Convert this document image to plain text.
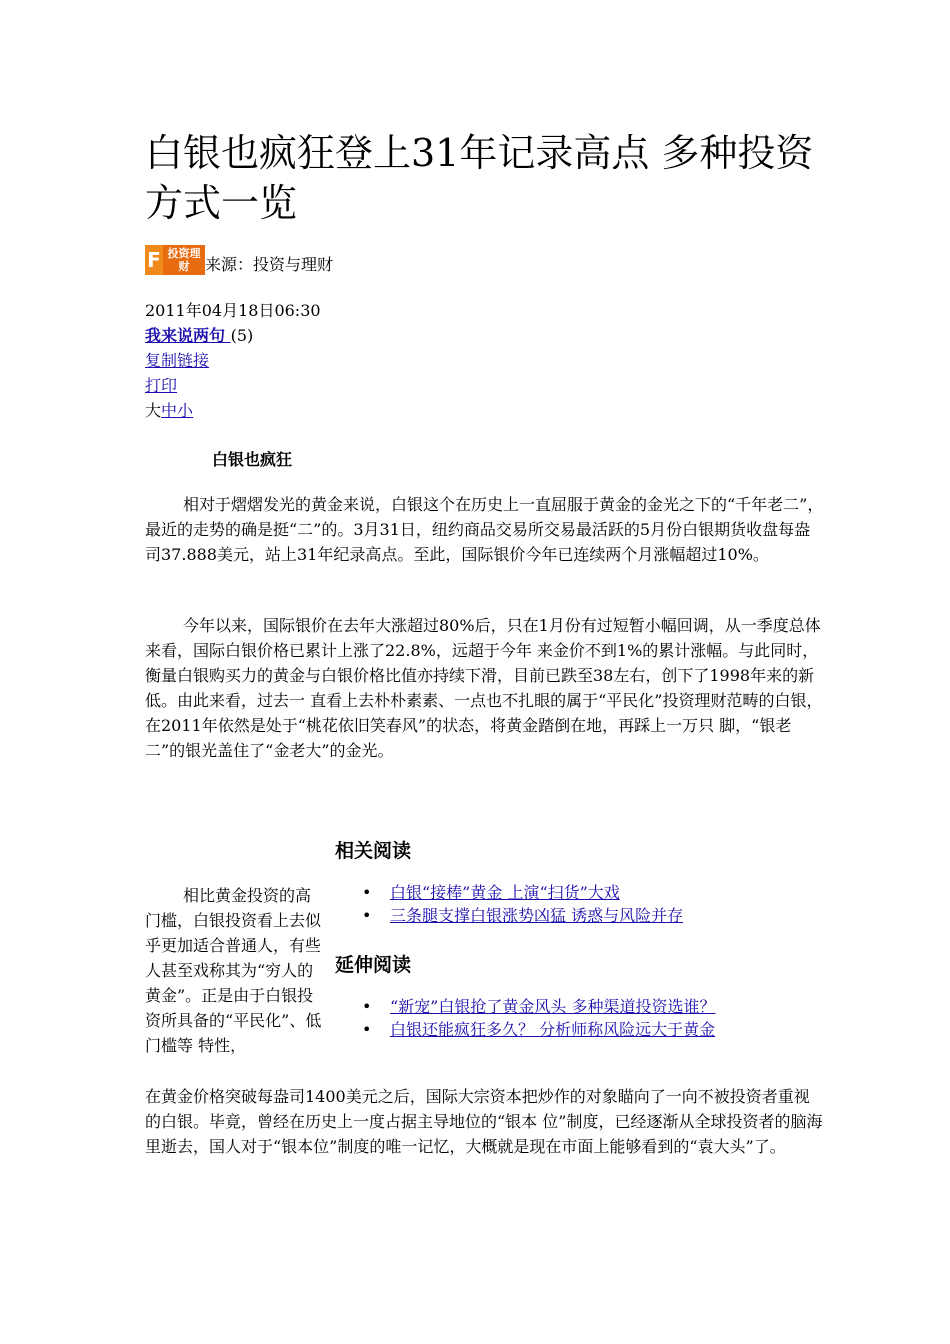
白银也疯狂登上31年记录高点 多种投资方式一览
F 投资理财 来源：投资与理财
2011年04月18日06:30
我来说两句 (5)
复制链接
打印
大中小
白银也疯狂

相对于熠熠发光的黄金来说，白银这个在历史上一直屈服于黄金的金光之下的“千年老二”，最近的走势的确是挺“二”的。3月31日，纽约商品交易所交易最活跃的5月份白银期货收盘每盎司37.888美元，站上31年纪录高点。至此，国际银价今年已连续两个月涨幅超过10%。

今年以来，国际银价在去年大涨超过80%后，只在1月份有过短暂小幅回调，从一季度总体来看，国际白银价格已累计上涨了22.8%，远超于今年 来金价不到1%的累计涨幅。与此同时，衡量白银购买力的黄金与白银价格比值亦持续下滑，目前已跌至38左右，创下了1998年来的新低。由此来看，过去一 直看上去朴朴素素、一点也不扎眼的属于“平民化”投资理财范畴的白银，在2011年依然是处于“桃花依旧笑春风”的状态，将黄金踏倒在地，再踩上一万只 脚，“银老二”的银光盖住了“金老大”的金光。

相关阅读
• 白银“接棒”黄金 上演“扫货”大戏
• 三条腿支撑白银涨势凶猛 诱惑与风险并存
延伸阅读
• “新宠”白银抢了黄金风头 多种渠道投资选谁？
• 白银还能疯狂多久？ 分析师称风险远大于黄金

相比黄金投资的高门槛，白银投资看上去似乎更加适合普通人，有些人甚至戏称其为“穷人的黄金”。正是由于白银投资所具备的“平民化”、低门槛等 特性，

在黄金价格突破每盎司1400美元之后，国际大宗资本把炒作的对象瞄向了一向不被投资者重视的白银。毕竟，曾经在历史上一度占据主导地位的“银本 位”制度，已经逐渐从全球投资者的脑海里逝去，国人对于“银本位”制度的唯一记忆，大概就是现在市面上能够看到的“袁大头”了。
